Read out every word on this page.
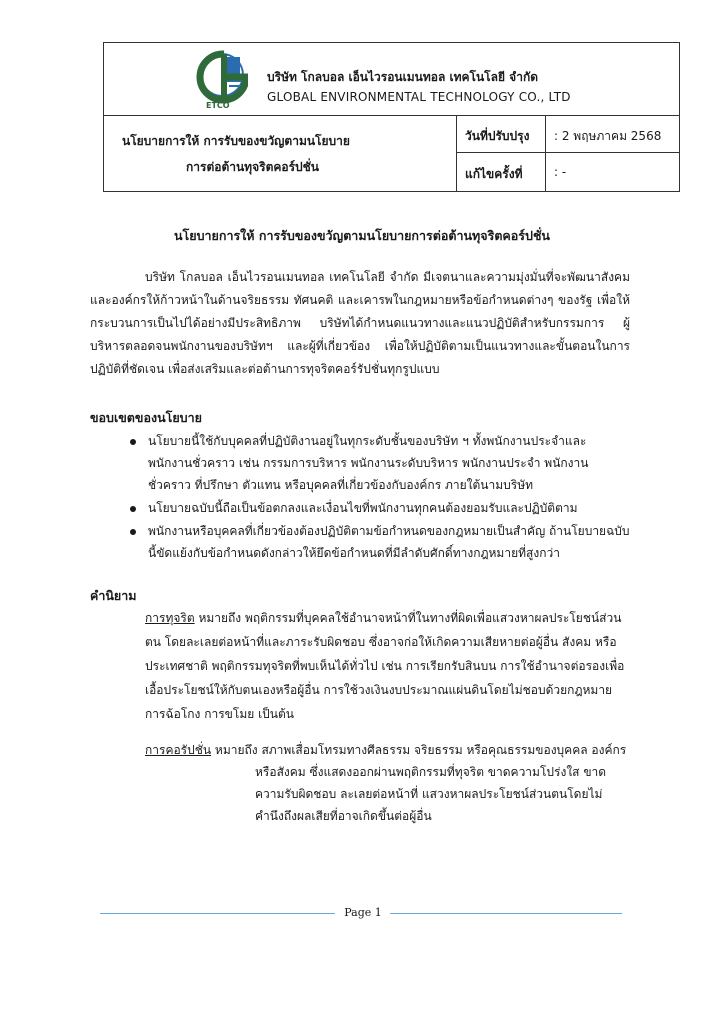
ETCO
บริษัท โกลบอล เอ็นไวรอนเมนทอล เทคโนโลยี จำกัด
GLOBAL ENVIRONMENTAL TECHNOLOGY CO., LTD
นโยบายการให้ การรับของขวัญตามนโยบาย
การต่อต้านทุจริตคอร์ปชั่น
วันที่ปรับปรุง : 2 พฤษภาคม 2568
แก้ไขครั้งที่	: -
นโยบายการให้ การรับของขวัญตามนโยบายการต่อต้านทุจริตคอร์ปชั่น

บริษัท โกลบอล เอ็นไวรอนเมนทอล เทคโนโลยี จำกัด มีเจตนาและความมุ่งมั่นที่จะพัฒนาสังคมและองค์กรให้ก้าวหน้าในด้านจริยธรรม ทัศนคติ และเคารพในกฎหมายหรือข้อกำหนดต่างๆ ของรัฐ เพื่อให้กระบวนการเป็นไปได้อย่างมีประสิทธิภาพ บริษัทได้กำหนดแนวทางและแนวปฏิบัติสำหรับกรรมการ ผู้บริหารตลอดจนพนักงานของบริษัทฯ และผู้ที่เกี่ยวข้อง เพื่อให้ปฏิบัติตามเป็นแนวทางและขั้นตอนในการปฏิบัติที่ชัดเจน เพื่อส่งเสริมและต่อต้านการทุจริตคอร์รัปชั่นทุกรูปแบบ

ขอบเขตของนโยบาย
นโยบายนี้ใช้กับบุคคลที่ปฏิบัติงานอยู่ในทุกระดับชั้นของบริษัท ฯ ทั้งพนักงานประจำและพนักงานชั่วคราว เช่น กรรมการบริหาร พนักงานระดับบริหาร พนักงานประจำ พนักงานชั่วคราว ที่ปรึกษา ตัวแทน หรือบุคคลที่เกี่ยวข้องกับองค์กร ภายใต้นามบริษัท
นโยบายฉบับนี้ถือเป็นข้อตกลงและเงื่อนไขที่พนักงานทุกคนต้องยอมรับและปฏิบัติตาม
พนักงานหรือบุคคลที่เกี่ยวข้องต้องปฏิบัติตามข้อกำหนดของกฎหมายเป็นสำคัญ ถ้านโยบายฉบับนี้ขัดแย้งกับข้อกำหนดดังกล่าวให้ยึดข้อกำหนดที่มีลำดับศักดิ์ทางกฎหมายที่สูงกว่า
คำนิยาม

การทุจริต หมายถึง พฤติกรรมที่บุคคลใช้อำนาจหน้าที่ในทางที่ผิดเพื่อแสวงหาผลประโยชน์ส่วน ตน โดยละเลยต่อหน้าที่และภาระรับผิดชอบ ซึ่งอาจก่อให้เกิดความเสียหายต่อผู้อื่น สังคม หรือประเทศชาติ พฤติกรรมทุจริตที่พบเห็นได้ทั่วไป เช่น การเรียกรับสินบน การใช้อำนาจต่อรองเพื่อเอื้อประโยชน์ให้กับตนเองหรือผู้อื่น การใช้วงเงินงบประมาณแผ่นดินโดยไม่ชอบด้วยกฎหมาย การฉ้อโกง การขโมย เป็นต้น

การคอรัปชั่น หมายถึง สภาพเสื่อมโทรมทางศีลธรรม จริยธรรม หรือคุณธรรมของบุคคล องค์กร
หรือสังคม ซึ่งแสดงออกผ่านพฤติกรรมที่ทุจริต ขาดความโปร่งใส ขาดความรับผิดชอบ ละเลยต่อหน้าที่ แสวงหาผลประโยชน์ส่วนตนโดยไม่คำนึงถึงผลเสียที่อาจเกิดขึ้นต่อผู้อื่น
Page 1
